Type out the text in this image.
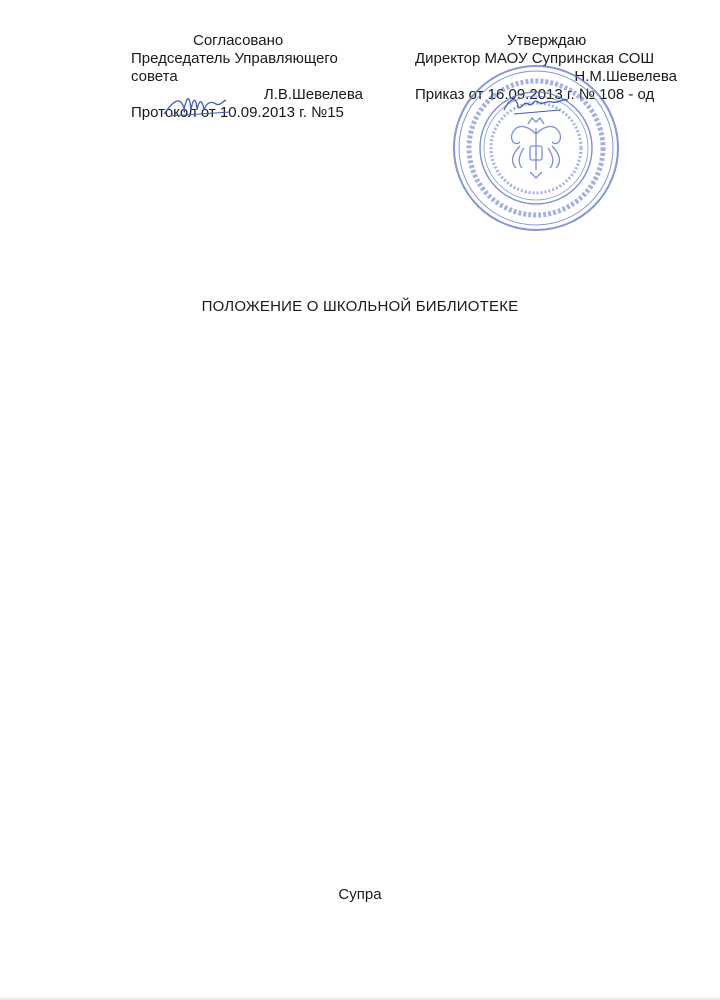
Согласовано
Председатель Управляющего
совета
Л.В.Шевелева
Протокол от 10.09.2013 г. №15
Утверждаю
Директор МАОУ Супринская СОШ
Н.М.Шевелева
Приказ от 16.09.2013 г. № 108 - од
ПОЛОЖЕНИЕ О ШКОЛЬНОЙ БИБЛИОТЕКЕ
Супра
